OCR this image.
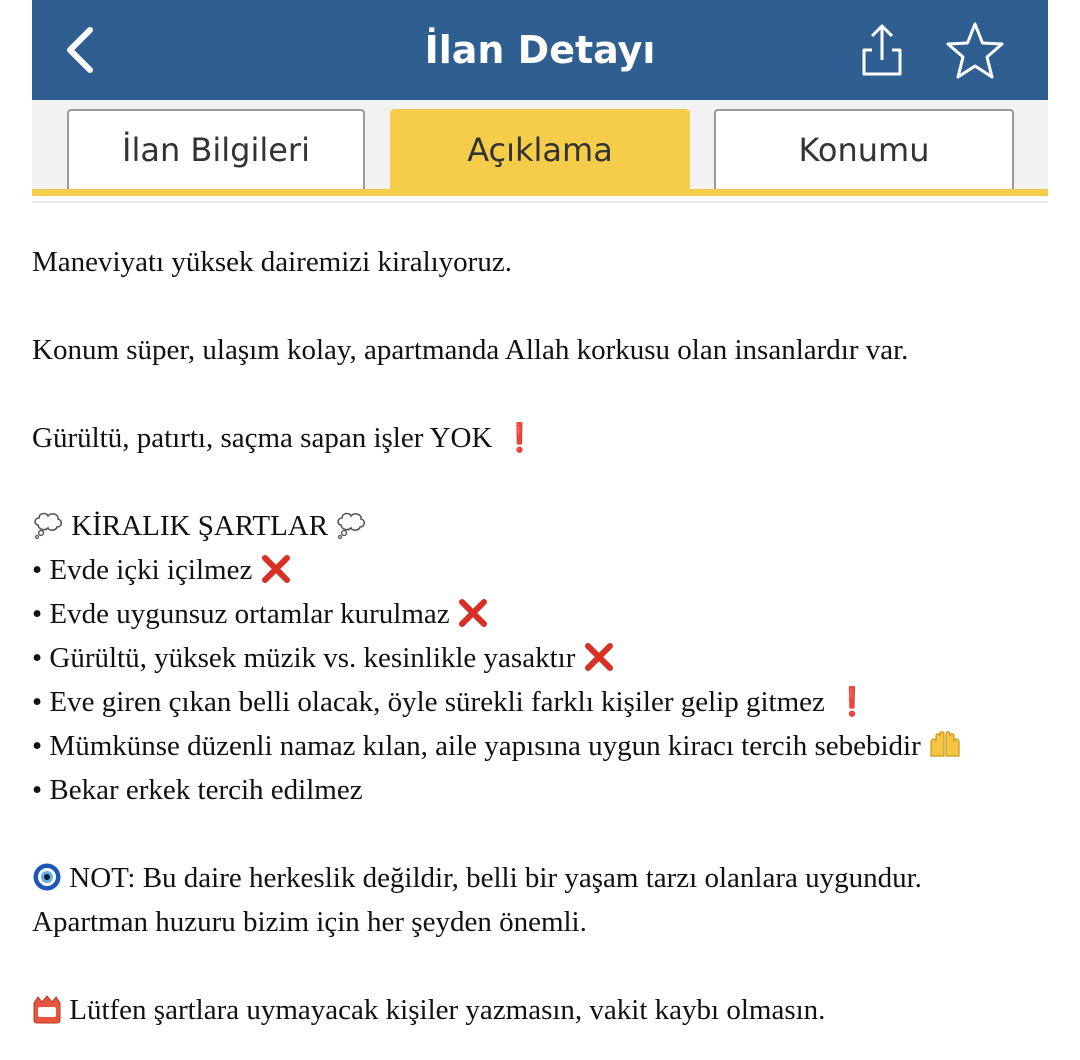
İlan Detayı
İlan Bilgileri	Açıklama	Konumu
Maneviyatı yüksek dairemizi kiralıyoruz.
Konum süper, ulaşım kolay, apartmanda Allah korkusu olan insanlardır var.
Gürültü, patırtı, saçma sapan işler YOK ❗
KİRALIK ŞARTLAR
• Evde içki içilmez
• Evde uygunsuz ortamlar kurulmaz
• Gürültü, yüksek müzik vs. kesinlikle yasaktır
• Eve giren çıkan belli olacak, öyle sürekli farklı kişiler gelip gitmez ❗
• Mümkünse düzenli namaz kılan, aile yapısına uygun kiracı tercih sebebidir
• Bekar erkek tercih edilmez
NOT: Bu daire herkeslik değildir, belli bir yaşam tarzı olanlara uygundur.
Apartman huzuru bizim için her şeyden önemli.
Lütfen şartlara uymayacak kişiler yazmasın, vakit kaybı olmasın.
